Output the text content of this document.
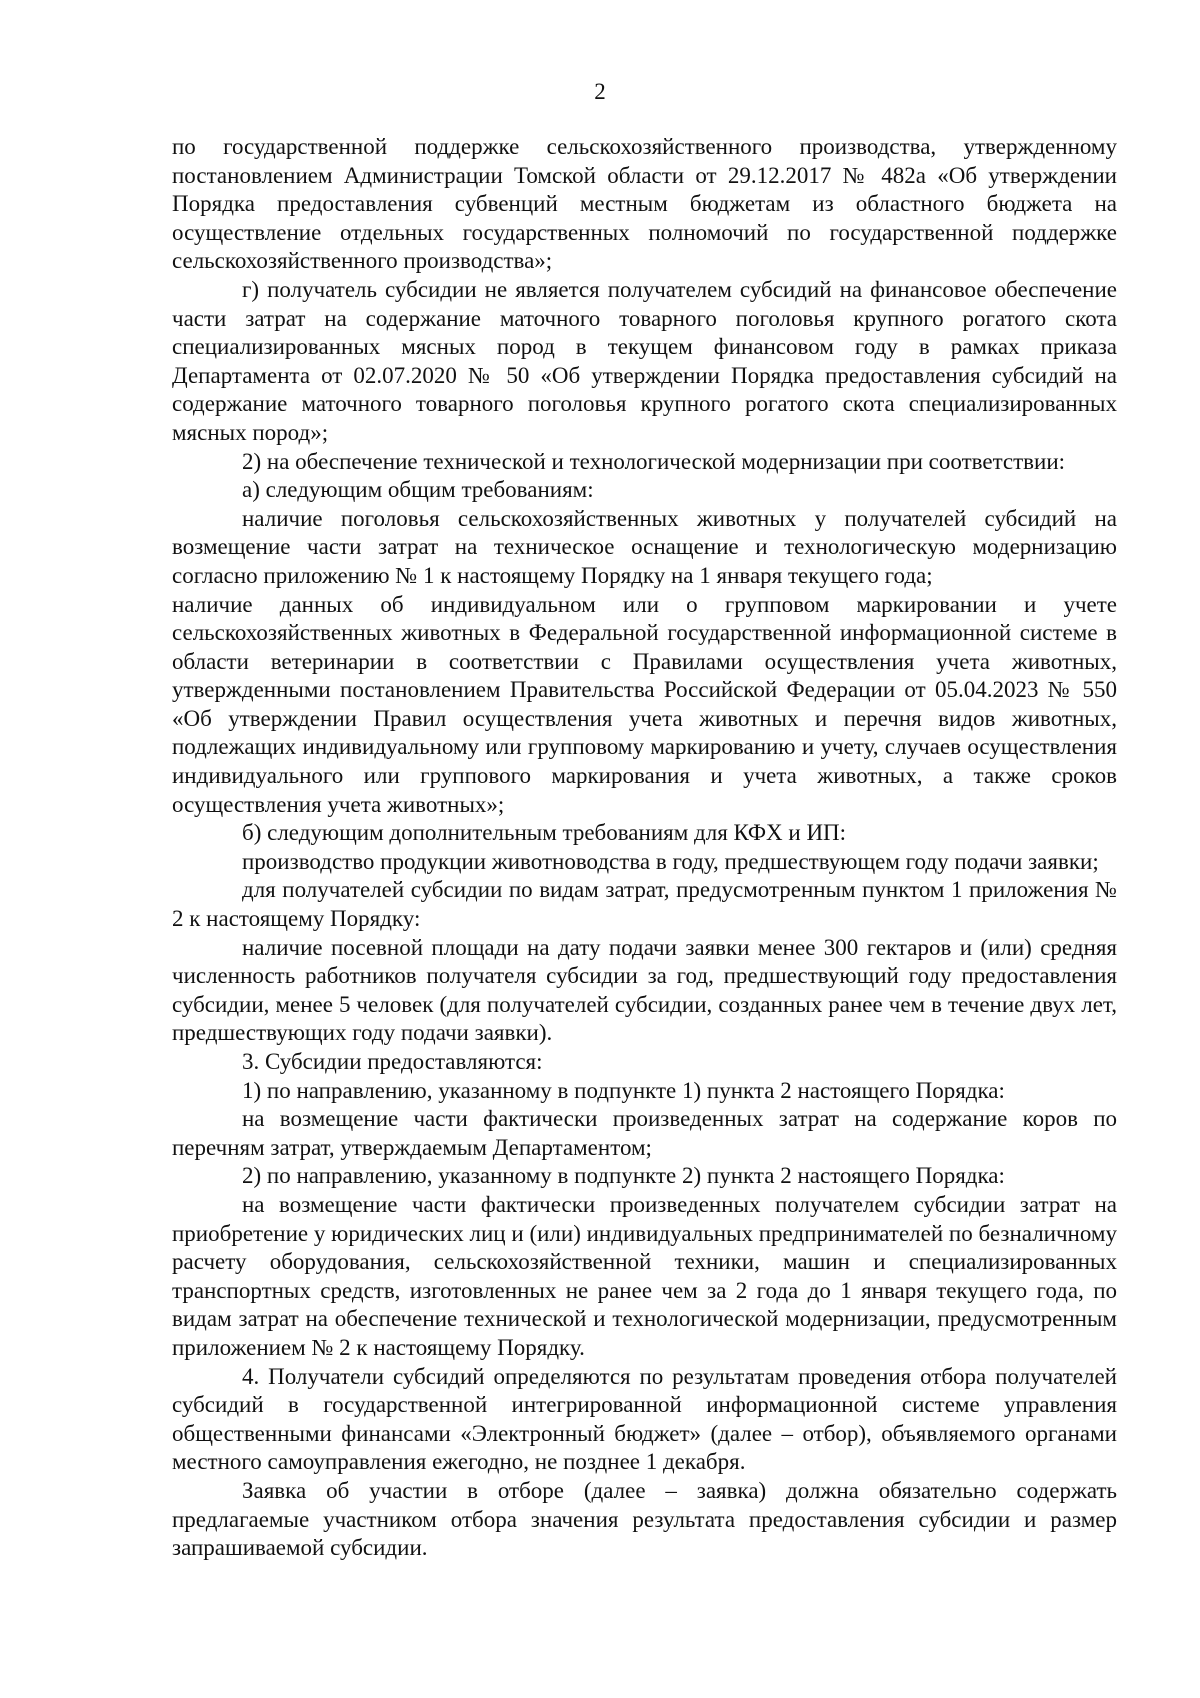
2

по государственной поддержке сельскохозяйственного производства, утвержденному постановлением Администрации Томской области от 29.12.2017 № 482а «Об утверждении Порядка предоставления субвенций местным бюджетам из областного бюджета на осуществление отдельных государственных полномочий по государственной поддержке сельскохозяйственного производства»;

г) получатель субсидии не является получателем субсидий на финансовое обеспечение части затрат на содержание маточного товарного поголовья крупного рогатого скота специализированных мясных пород в текущем финансовом году в рамках приказа Департамента от 02.07.2020 № 50 «Об утверждении Порядка предоставления субсидий на содержание маточного товарного поголовья крупного рогатого скота специализированных мясных пород»;

2) на обеспечение технической и технологической модернизации при соответствии:

а) следующим общим требованиям:

наличие поголовья сельскохозяйственных животных у получателей субсидий на возмещение части затрат на техническое оснащение и технологическую модернизацию согласно приложению № 1 к настоящему Порядку на 1 января текущего года;

наличие данных об индивидуальном или о групповом маркировании и учете сельскохозяйственных животных в Федеральной государственной информационной системе в области ветеринарии в соответствии с Правилами осуществления учета животных, утвержденными постановлением Правительства Российской Федерации от 05.04.2023 № 550 «Об утверждении Правил осуществления учета животных и перечня видов животных, подлежащих индивидуальному или групповому маркированию и учету, случаев осуществления индивидуального или группового маркирования и учета животных, а также сроков осуществления учета животных»;

б) следующим дополнительным требованиям для КФХ и ИП:

производство продукции животноводства в году, предшествующем году подачи заявки;

для получателей субсидии по видам затрат, предусмотренным пунктом 1 приложения № 2 к настоящему Порядку:

наличие посевной площади на дату подачи заявки менее 300 гектаров и (или) средняя численность работников получателя субсидии за год, предшествующий году предоставления субсидии, менее 5 человек (для получателей субсидии, созданных ранее чем в течение двух лет, предшествующих году подачи заявки).

3. Субсидии предоставляются:

1) по направлению, указанному в подпункте 1) пункта 2 настоящего Порядка:

на возмещение части фактически произведенных затрат на содержание коров по перечням затрат, утверждаемым Департаментом;

2) по направлению, указанному в подпункте 2) пункта 2 настоящего Порядка:

на возмещение части фактически произведенных получателем субсидии затрат на приобретение у юридических лиц и (или) индивидуальных предпринимателей по безналичному расчету оборудования, сельскохозяйственной техники, машин и специализированных транспортных средств, изготовленных не ранее чем за 2 года до 1 января текущего года, по видам затрат на обеспечение технической и технологической модернизации, предусмотренным приложением № 2 к настоящему Порядку.

4. Получатели субсидий определяются по результатам проведения отбора получателей субсидий в государственной интегрированной информационной системе управления общественными финансами «Электронный бюджет» (далее – отбор), объявляемого органами местного самоуправления ежегодно, не позднее 1 декабря.

Заявка об участии в отборе (далее – заявка) должна обязательно содержать предлагаемые участником отбора значения результата предоставления субсидии и размер запрашиваемой субсидии.
